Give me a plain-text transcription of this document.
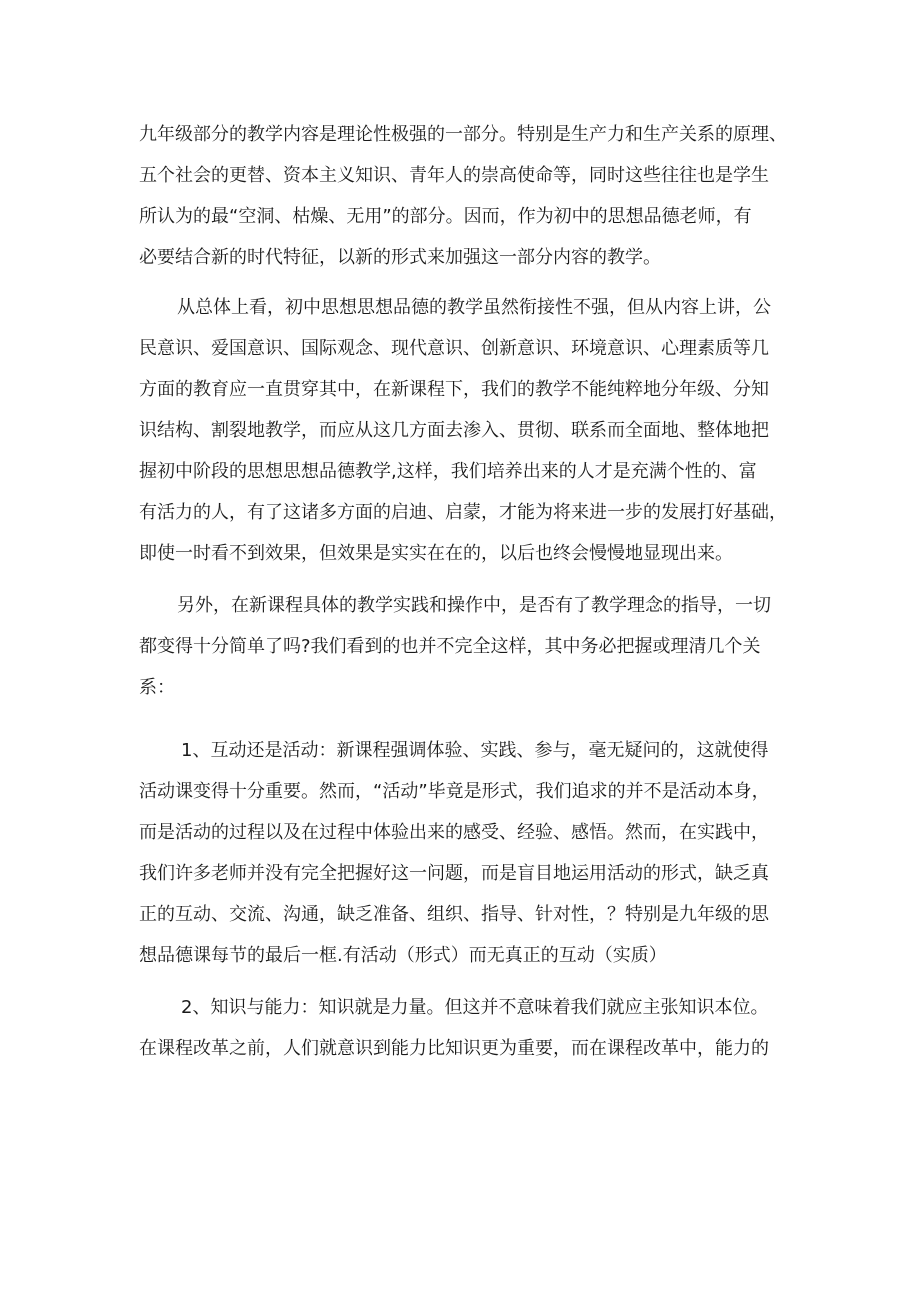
九年级部分的教学内容是理论性极强的一部分。特别是生产力和生产关系的原理、

五个社会的更替、资本主义知识、青年人的崇高使命等，同时这些往往也是学生

所认为的最“空洞、枯燥、无用”的部分。因而，作为初中的思想品德老师，有

必要结合新的时代特征，以新的形式来加强这一部分内容的教学。

从总体上看，初中思想思想品德的教学虽然衔接性不强，但从内容上讲，公

民意识、爱国意识、国际观念、现代意识、创新意识、环境意识、心理素质等几

方面的教育应一直贯穿其中，在新课程下，我们的教学不能纯粹地分年级、分知

识结构、割裂地教学，而应从这几方面去渗入、贯彻、联系而全面地、整体地把

握初中阶段的思想思想品德教学,这样，我们培养出来的人才是充满个性的、富

有活力的人，有了这诸多方面的启迪、启蒙，才能为将来进一步的发展打好基础，

即使一时看不到效果，但效果是实实在在的，以后也终会慢慢地显现出来。

另外，在新课程具体的教学实践和操作中，是否有了教学理念的指导，一切

都变得十分简单了吗?我们看到的也并不完全这样，其中务必把握或理清几个关

系：

1、互动还是活动：新课程强调体验、实践、参与，毫无疑问的，这就使得

活动课变得十分重要。然而，“活动”毕竟是形式，我们追求的并不是活动本身，

而是活动的过程以及在过程中体验出来的感受、经验、感悟。然而，在实践中，

我们许多老师并没有完全把握好这一问题，而是盲目地运用活动的形式，缺乏真

正的互动、交流、沟通，缺乏准备、组织、指导、针对性，？特别是九年级的思

想品德课每节的最后一框.有活动（形式）而无真正的互动（实质）

2、知识与能力：知识就是力量。但这并不意味着我们就应主张知识本位。

在课程改革之前，人们就意识到能力比知识更为重要，而在课程改革中，能力的
